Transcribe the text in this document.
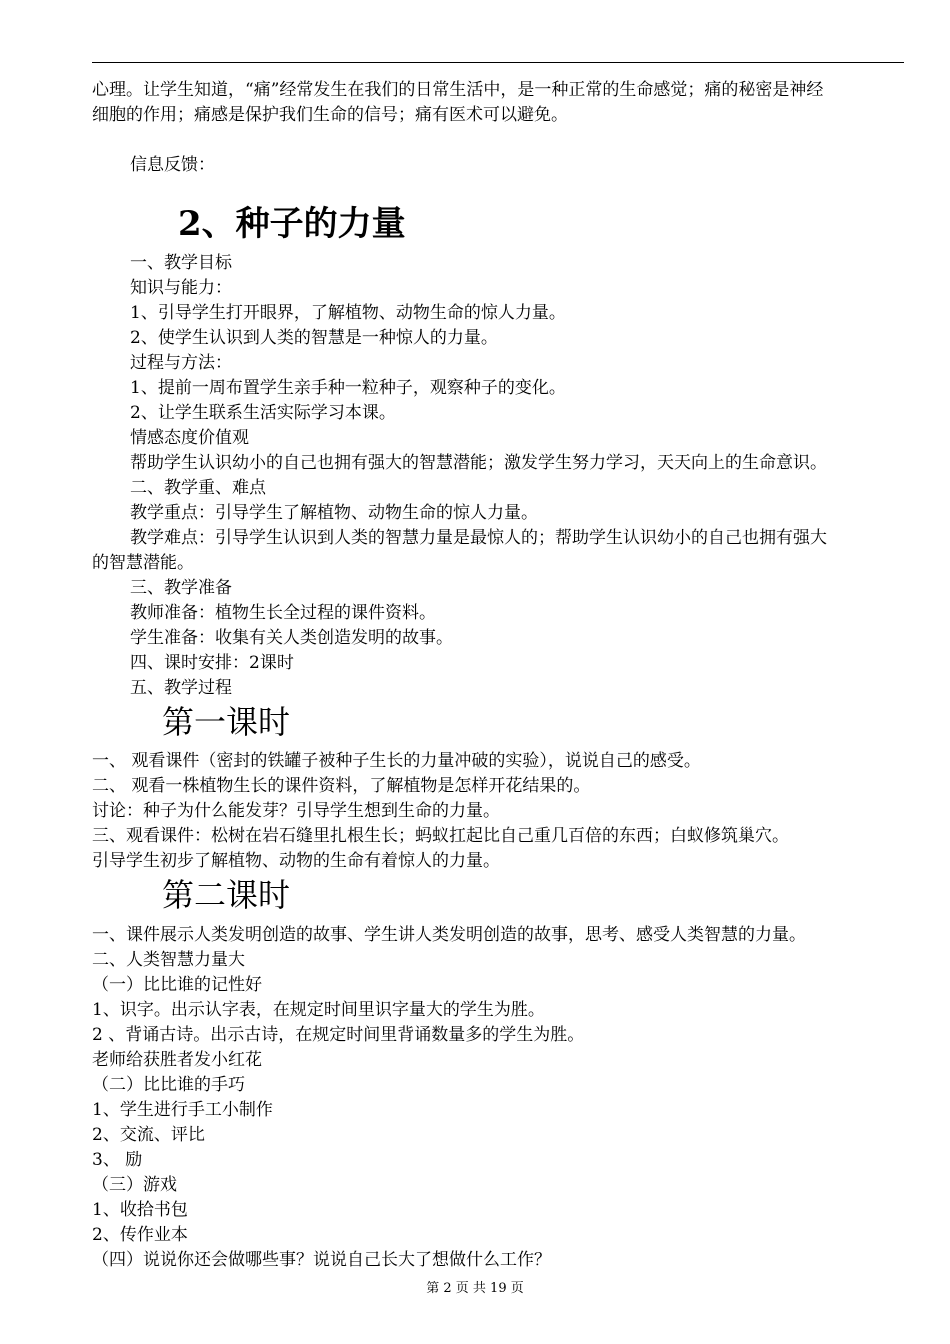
心理。让学生知道，“痛”经常发生在我们的日常生活中，是一种正常的生命感觉；痛的秘密是神经
细胞的作用；痛感是保护我们生命的信号；痛有医术可以避免。
信息反馈：
2、种子的力量
一、教学目标
知识与能力：
1、引导学生打开眼界，了解植物、动物生命的惊人力量。
2、使学生认识到人类的智慧是一种惊人的力量。
过程与方法：
1、提前一周布置学生亲手种一粒种子，观察种子的变化。
2、让学生联系生活实际学习本课。
情感态度价值观
帮助学生认识幼小的自己也拥有强大的智慧潜能；激发学生努力学习，天天向上的生命意识。
二、教学重、难点
教学重点：引导学生了解植物、动物生命的惊人力量。
教学难点：引导学生认识到人类的智慧力量是最惊人的；帮助学生认识幼小的自己也拥有强大
的智慧潜能。
三、教学准备
教师准备：植物生长全过程的课件资料。
学生准备：收集有关人类创造发明的故事。
四、课时安排：2课时
五、教学过程
第一课时
一、 观看课件（密封的铁罐子被种子生长的力量冲破的实验），说说自己的感受。
二、 观看一株植物生长的课件资料，了解植物是怎样开花结果的。
讨论：种子为什么能发芽？引导学生想到生命的力量。
三、观看课件：松树在岩石缝里扎根生长；蚂蚁扛起比自己重几百倍的东西；白蚁修筑巢穴。
引导学生初步了解植物、动物的生命有着惊人的力量。
第二课时
一、课件展示人类发明创造的故事、学生讲人类发明创造的故事，思考、感受人类智慧的力量。
二、人类智慧力量大
（一）比比谁的记性好
1、识字。出示认字表，在规定时间里识字量大的学生为胜。
2 、背诵古诗。出示古诗，在规定时间里背诵数量多的学生为胜。
老师给获胜者发小红花
（二）比比谁的手巧
1、学生进行手工小制作
2、交流、评比
3、 励
（三）游戏
1、收拾书包
2、传作业本
（四）说说你还会做哪些事？说说自己长大了想做什么工作？
第 2 页 共 19 页
